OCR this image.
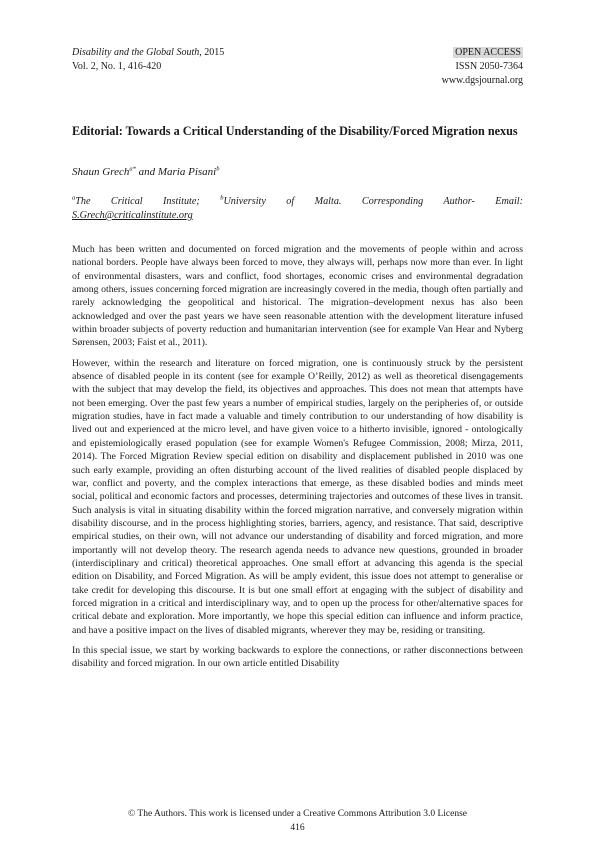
Disability and the Global South, 2015
Vol. 2, No. 1, 416-420
OPEN ACCESS
ISSN 2050-7364
www.dgsjournal.org
Editorial: Towards a Critical Understanding of the Disability/Forced Migration nexus
Shaun Grech$^{a*}$ and Maria Pisani$^b$
$^a$The Critical Institute; $^b$University of Malta. Corresponding Author- Email:
S.Grech@criticalinstitute.org

Much has been written and documented on forced migration and the movements of people within and across national borders. People have always been forced to move, they always will, perhaps now more than ever. In light of environmental disasters, wars and conflict, food shortages, economic crises and environmental degradation among others, issues concerning forced migration are increasingly covered in the media, though often partially and rarely acknowledging the geopolitical and historical. The migration–development nexus has also been acknowledged and over the past years we have seen reasonable attention with the development literature infused within broader subjects of poverty reduction and humanitarian intervention (see for example Van Hear and Nyberg Sørensen, 2003; Faist et al., 2011).

However, within the research and literature on forced migration, one is continuously struck by the persistent absence of disabled people in its content (see for example O’Reilly, 2012) as well as theoretical disengagements with the subject that may develop the field, its objectives and approaches. This does not mean that attempts have not been emerging. Over the past few years a number of empirical studies, largely on the peripheries of, or outside migration studies, have in fact made a valuable and timely contribution to our understanding of how disability is lived out and experienced at the micro level, and have given voice to a hitherto invisible, ignored - ontologically and epistemiologically erased population (see for example Women's Refugee Commission, 2008; Mirza, 2011, 2014). The Forced Migration Review special edition on disability and displacement published in 2010 was one such early example, providing an often disturbing account of the lived realities of disabled people displaced by war, conflict and poverty, and the complex interactions that emerge, as these disabled bodies and minds meet social, political and economic factors and processes, determining trajectories and outcomes of these lives in transit. Such analysis is vital in situating disability within the forced migration narrative, and conversely migration within disability discourse, and in the process highlighting stories, barriers, agency, and resistance. That said, descriptive empirical studies, on their own, will not advance our understanding of disability and forced migration, and more importantly will not develop theory. The research agenda needs to advance new questions, grounded in broader (interdisciplinary and critical) theoretical approaches. One small effort at advancing this agenda is the special edition on Disability, and Forced Migration. As will be amply evident, this issue does not attempt to generalise or take credit for developing this discourse. It is but one small effort at engaging with the subject of disability and forced migration in a critical and interdisciplinary way, and to open up the process for other/alternative spaces for critical debate and exploration. More importantly, we hope this special edition can influence and inform practice, and have a positive impact on the lives of disabled migrants, wherever they may be, residing or transiting.

In this special issue, we start by working backwards to explore the connections, or rather disconnections between disability and forced migration. In our own article entitled Disability

© The Authors. This work is licensed under a Creative Commons Attribution 3.0 License
416
